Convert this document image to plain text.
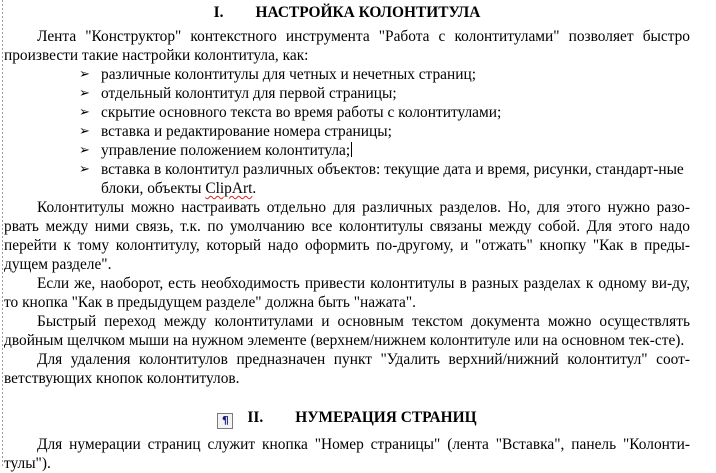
I. НАСТРОЙКА КОЛОНТИТУЛА

Лента "Конструктор" контекстного инструмента "Работа с колонтитулами" позволяет быстро произвести такие настройки колонтитула, как:

➢ различные колонтитулы для четных и нечетных страниц;
➢ отдельный колонтитул для первой страницы;
➢ скрытие основного текста во время работы с колонтитулами;
➢ вставка и редактирование номера страницы;
➢ управление положением колонтитула;
➢ вставка в колонтитул различных объектов: текущие дата и время, рисунки, стандарт-ные блоки, объекты ClipArt.

Колонтитулы можно настраивать отдельно для различных разделов. Но, для этого нужно разо-рвать между ними связь, т.к. по умолчанию все колонтитулы связаны между собой. Для этого надо перейти к тому колонтитулу, который надо оформить по-другому, и "отжать" кнопку "Как в преды-дущем разделе".

Если же, наоборот, есть необходимость привести колонтитулы в разных разделах к одному ви-ду, то кнопка "Как в предыдущем разделе" должна быть "нажата".

Быстрый переход между колонтитулами и основным текстом документа можно осуществлять двойным щелчком мыши на нужном элементе (верхнем/нижнем колонтитуле или на основном тек-сте).

Для удаления колонтитулов предназначен пункт "Удалить верхний/нижний колонтитул" соот-ветствующих кнопок колонтитулов.

¶ II. НУМЕРАЦИЯ СТРАНИЦ

Для нумерации страниц служит кнопка "Номер страницы" (лента "Вставка", панель "Колонти-тулы").
